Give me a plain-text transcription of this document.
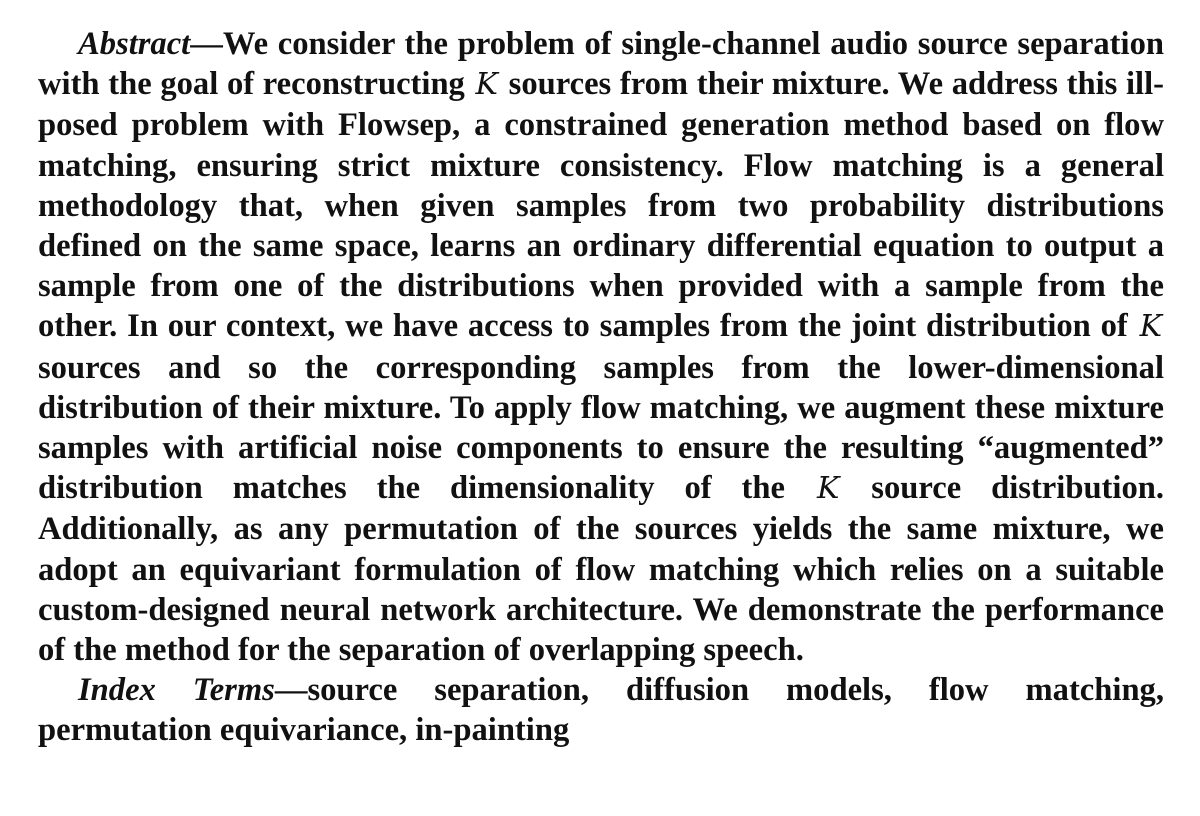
Abstract—We consider the problem of single-channel audio source separation with the goal of reconstructing K sources from their mixture. We address this ill-posed problem with Flowsep, a constrained generation method based on flow matching, ensuring strict mixture consistency. Flow matching is a general methodology that, when given samples from two probability distributions defined on the same space, learns an ordinary differential equation to output a sample from one of the distributions when provided with a sample from the other. In our context, we have access to samples from the joint distribution of K sources and so the corresponding samples from the lower-dimensional distribution of their mixture. To apply flow matching, we augment these mixture samples with artificial noise components to ensure the resulting “augmented” distribution matches the dimensionality of the K source distribution. Additionally, as any permutation of the sources yields the same mixture, we adopt an equivariant formulation of flow matching which relies on a suitable custom-designed neural network architecture. We demonstrate the performance of the method for the separation of overlapping speech.

Index Terms—source separation, diffusion models, flow matching, permutation equivariance, in-painting
